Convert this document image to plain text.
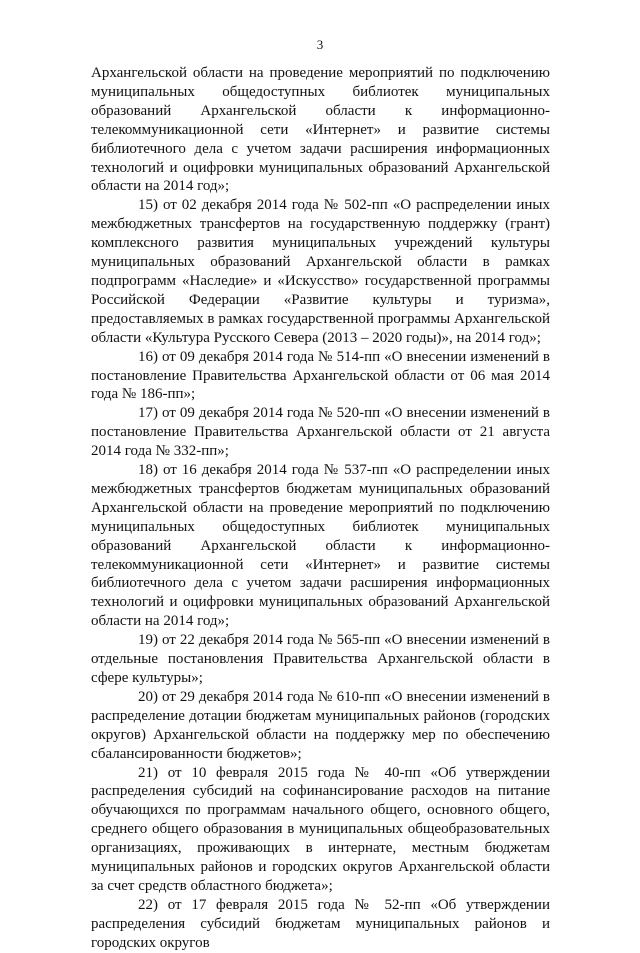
3

Архангельской области на проведение мероприятий по подключению муниципальных общедоступных библиотек муниципальных образований Архангельской области к информационно-телекоммуникационной сети «Интернет» и развитие системы библиотечного дела с учетом задачи расширения информационных технологий и оцифровки муниципальных образований Архангельской области на 2014 год»;

15) от 02 декабря 2014 года № 502-пп «О распределении иных межбюджетных трансфертов на государственную поддержку (грант) комплексного развития муниципальных учреждений культуры муниципальных образований Архангельской области в рамках подпрограмм «Наследие» и «Искусство» государственной программы Российской Федерации «Развитие культуры и туризма», предоставляемых в рамках государственной программы Архангельской области «Культура Русского Севера (2013 – 2020 годы)», на 2014 год»;

16) от 09 декабря 2014 года № 514-пп «О внесении изменений в постановление Правительства Архангельской области от 06 мая 2014 года № 186-пп»;

17) от 09 декабря 2014 года № 520-пп «О внесении изменений в постановление Правительства Архангельской области от 21 августа 2014 года № 332-пп»;

18) от 16 декабря 2014 года № 537-пп «О распределении иных межбюджетных трансфертов бюджетам муниципальных образований Архангельской области на проведение мероприятий по подключению муниципальных общедоступных библиотек муниципальных образований Архангельской области к информационно-телекоммуникационной сети «Интернет» и развитие системы библиотечного дела с учетом задачи расширения информационных технологий и оцифровки муниципальных образований Архангельской области на 2014 год»;

19) от 22 декабря 2014 года № 565-пп «О внесении изменений в отдельные постановления Правительства Архангельской области в сфере культуры»;

20) от 29 декабря 2014 года № 610-пп «О внесении изменений в распределение дотации бюджетам муниципальных районов (городских округов) Архангельской области на поддержку мер по обеспечению сбалансированности бюджетов»;

21) от 10 февраля 2015 года № 40-пп «Об утверждении распределения субсидий на софинансирование расходов на питание обучающихся по программам начального общего, основного общего, среднего общего образования в муниципальных общеобразовательных организациях, проживающих в интернате, местным бюджетам муниципальных районов и городских округов Архангельской области за счет средств областного бюджета»;

22) от 17 февраля 2015 года № 52-пп «Об утверждении распределения субсидий бюджетам муниципальных районов и городских округов
